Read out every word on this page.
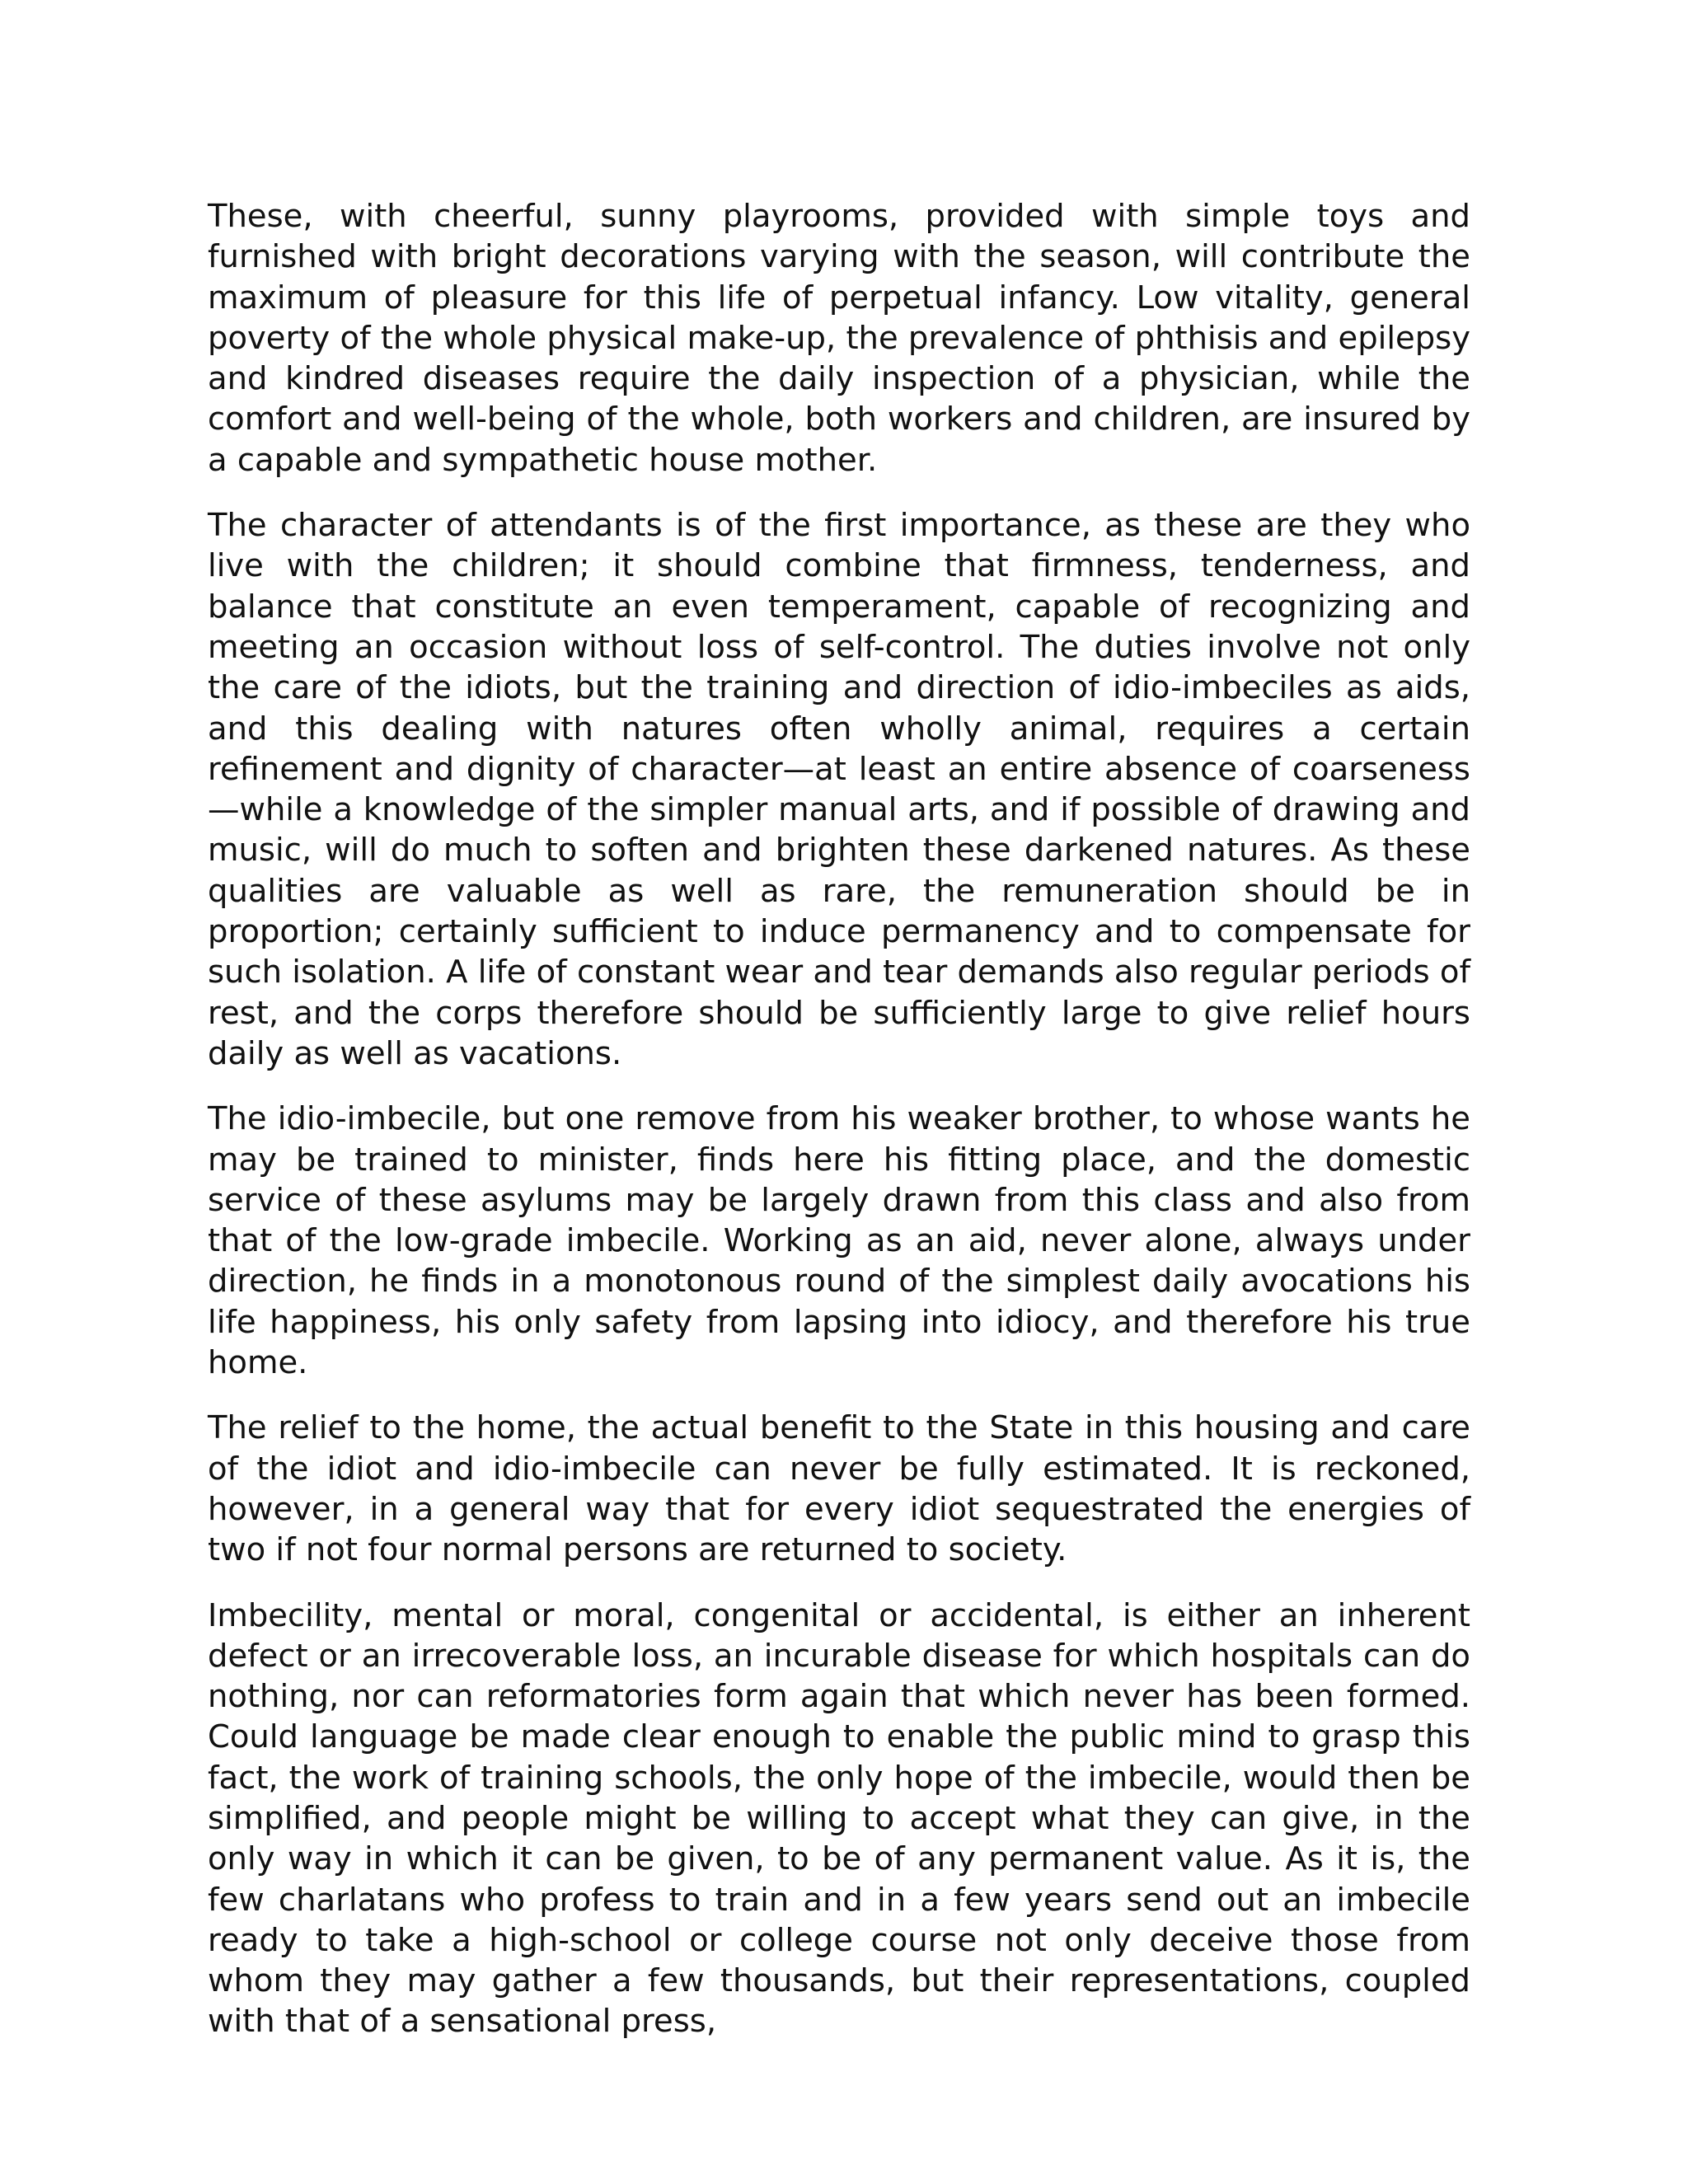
These, with cheerful, sunny playrooms, provided with simple toys and furnished with bright decorations varying with the season, will contribute the maximum of pleasure for this life of perpetual infancy. Low vitality, general poverty of the whole physical make-up, the prevalence of phthisis and epilepsy and kindred diseases require the daily inspection of a physician, while the comfort and well-being of the whole, both workers and children, are insured by a capable and sympathetic house mother.

The character of attendants is of the first importance, as these are they who live with the children; it should combine that firmness, tenderness, and balance that constitute an even temperament, capable of recognizing and meeting an occasion without loss of self-control. The duties involve not only the care of the idiots, but the training and direction of idio-imbeciles as aids, and this dealing with natures often wholly animal, requires a certain refinement and dignity of character—at least an entire absence of coarseness—while a knowledge of the simpler manual arts, and if possible of drawing and music, will do much to soften and brighten these darkened natures. As these qualities are valuable as well as rare, the remuneration should be in proportion; certainly sufficient to induce permanency and to compensate for such isolation. A life of constant wear and tear demands also regular periods of rest, and the corps therefore should be sufficiently large to give relief hours daily as well as vacations.

The idio-imbecile, but one remove from his weaker brother, to whose wants he may be trained to minister, finds here his fitting place, and the domestic service of these asylums may be largely drawn from this class and also from that of the low-grade imbecile. Working as an aid, never alone, always under direction, he finds in a monotonous round of the simplest daily avocations his life happiness, his only safety from lapsing into idiocy, and therefore his true home.

The relief to the home, the actual benefit to the State in this housing and care of the idiot and idio-imbecile can never be fully estimated. It is reckoned, however, in a general way that for every idiot sequestrated the energies of two if not four normal persons are returned to society.

Imbecility, mental or moral, congenital or accidental, is either an inherent defect or an irrecoverable loss, an incurable disease for which hospitals can do nothing, nor can reformatories form again that which never has been formed. Could language be made clear enough to enable the public mind to grasp this fact, the work of training schools, the only hope of the imbecile, would then be simplified, and people might be willing to accept what they can give, in the only way in which it can be given, to be of any permanent value. As it is, the few charlatans who profess to train and in a few years send out an imbecile ready to take a high-school or college course not only deceive those from whom they may gather a few thousands, but their representations, coupled with that of a sensational press,
